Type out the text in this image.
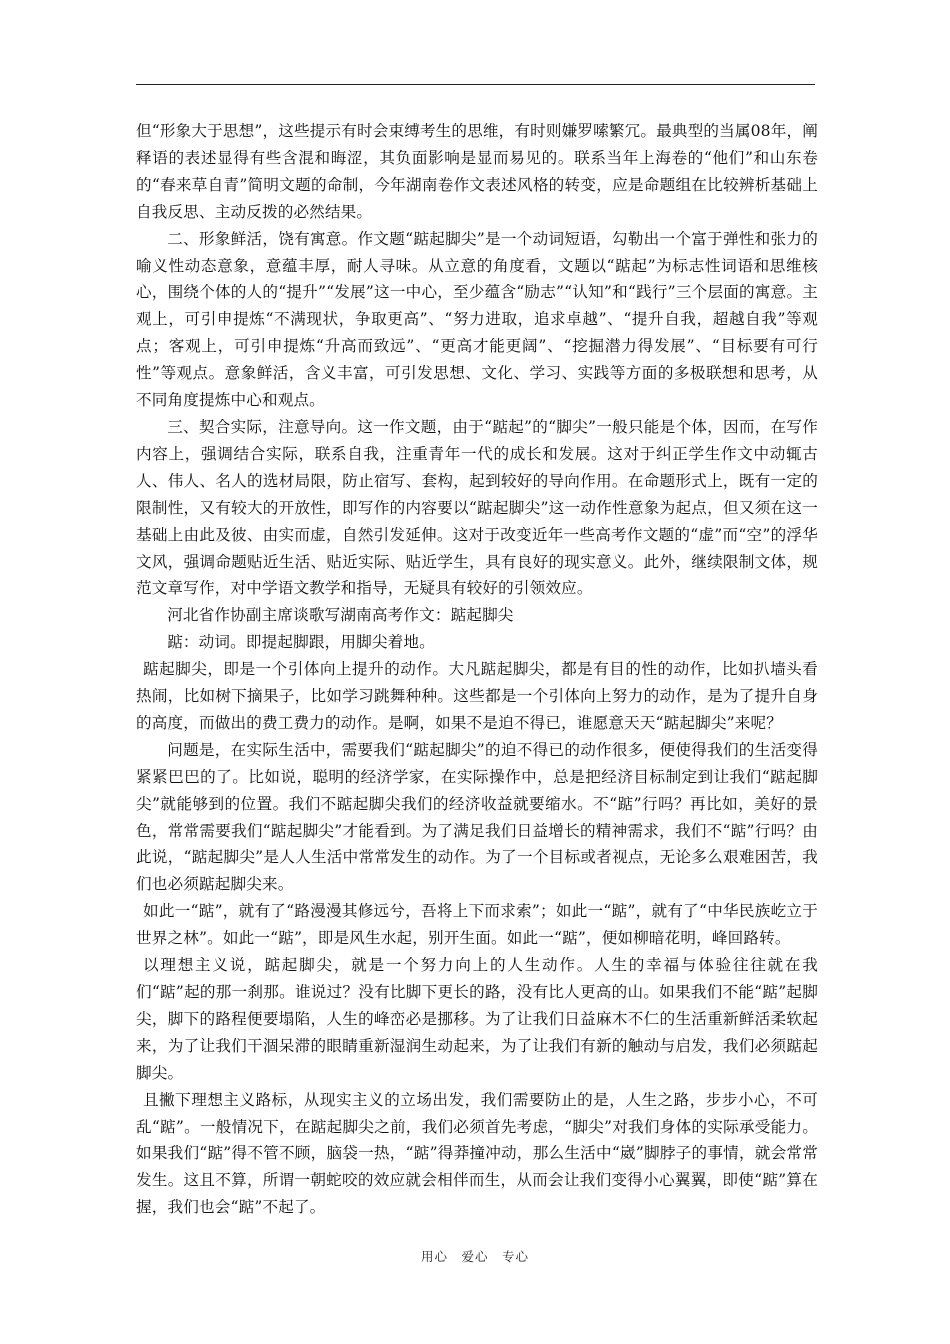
但“形象大于思想”，这些提示有时会束缚考生的思维，有时则嫌罗嗦繁冗。最典型的当属08年，阐释语的表述显得有些含混和晦涩，其负面影响是显而易见的。联系当年上海卷的“他们”和山东卷的“春来草自青”简明文题的命制，今年湖南卷作文表述风格的转变，应是命题组在比较辨析基础上自我反思、主动反拨的必然结果。

二、形象鲜活，饶有寓意。作文题“踮起脚尖”是一个动词短语，勾勒出一个富于弹性和张力的喻义性动态意象，意蕴丰厚，耐人寻味。从立意的角度看，文题以“踮起”为标志性词语和思维核心，围绕个体的人的“提升”“发展”这一中心，至少蕴含“励志”“认知”和“践行”三个层面的寓意。主观上，可引申提炼“不满现状，争取更高”、“努力进取，追求卓越”、“提升自我，超越自我”等观点；客观上，可引申提炼“升高而致远”、“更高才能更阔”、“挖掘潜力得发展”、“目标要有可行性”等观点。意象鲜活，含义丰富，可引发思想、文化、学习、实践等方面的多极联想和思考，从不同角度提炼中心和观点。

三、契合实际，注意导向。这一作文题，由于“踮起”的“脚尖”一般只能是个体，因而，在写作内容上，强调结合实际，联系自我，注重青年一代的成长和发展。这对于纠正学生作文中动辄古人、伟人、名人的选材局限，防止宿写、套构，起到较好的导向作用。在命题形式上，既有一定的限制性，又有较大的开放性，即写作的内容要以“踮起脚尖”这一动作性意象为起点，但又须在这一基础上由此及彼、由实而虚，自然引发延伸。这对于改变近年一些高考作文题的“虚”而“空”的浮华文风，强调命题贴近生活、贴近实际、贴近学生，具有良好的现实意义。此外，继续限制文体，规范文章写作，对中学语文教学和指导，无疑具有较好的引领效应。

河北省作协副主席谈歌写湖南高考作文：踮起脚尖

踮：动词。即提起脚跟，用脚尖着地。

踮起脚尖，即是一个引体向上提升的动作。大凡踮起脚尖，都是有目的性的动作，比如扒墙头看热闹，比如树下摘果子，比如学习跳舞种种。这些都是一个引体向上努力的动作，是为了提升自身的高度，而做出的费工费力的动作。是啊，如果不是迫不得已，谁愿意天天“踮起脚尖”来呢？

问题是，在实际生活中，需要我们“踮起脚尖”的迫不得已的动作很多，便使得我们的生活变得紧紧巴巴的了。比如说，聪明的经济学家，在实际操作中，总是把经济目标制定到让我们“踮起脚尖”就能够到的位置。我们不踮起脚尖我们的经济收益就要缩水。不“踮”行吗？再比如，美好的景色，常常需要我们“踮起脚尖”才能看到。为了满足我们日益增长的精神需求，我们不“踮”行吗？由此说，“踮起脚尖”是人人生活中常常发生的动作。为了一个目标或者视点，无论多么艰难困苦，我们也必须踮起脚尖来。

如此一“踮”，就有了“路漫漫其修远兮，吾将上下而求索”；如此一“踮”，就有了“中华民族屹立于世界之林”。如此一“踮”，即是风生水起，别开生面。如此一“踮”，便如柳暗花明，峰回路转。

以理想主义说，踮起脚尖，就是一个努力向上的人生动作。人生的幸福与体验往往就在我们“踮”起的那一刹那。谁说过？没有比脚下更长的路，没有比人更高的山。如果我们不能“踮”起脚尖，脚下的路程便要塌陷，人生的峰峦必是挪移。为了让我们日益麻木不仁的生活重新鲜活柔软起来，为了让我们干涸呆滞的眼睛重新湿润生动起来，为了让我们有新的触动与启发，我们必须踮起脚尖。

且撇下理想主义路标，从现实主义的立场出发，我们需要防止的是，人生之路，步步小心，不可乱“踮”。一般情况下，在踮起脚尖之前，我们必须首先考虑，“脚尖”对我们身体的实际承受能力。如果我们“踮”得不管不顾，脑袋一热，“踮”得莽撞冲动，那么生活中“崴”脚脖子的事情，就会常常发生。这且不算，所谓一朝蛇咬的效应就会相伴而生，从而会让我们变得小心翼翼，即使“踮”算在握，我们也会“踮”不起了。

用心　爱心　专心
